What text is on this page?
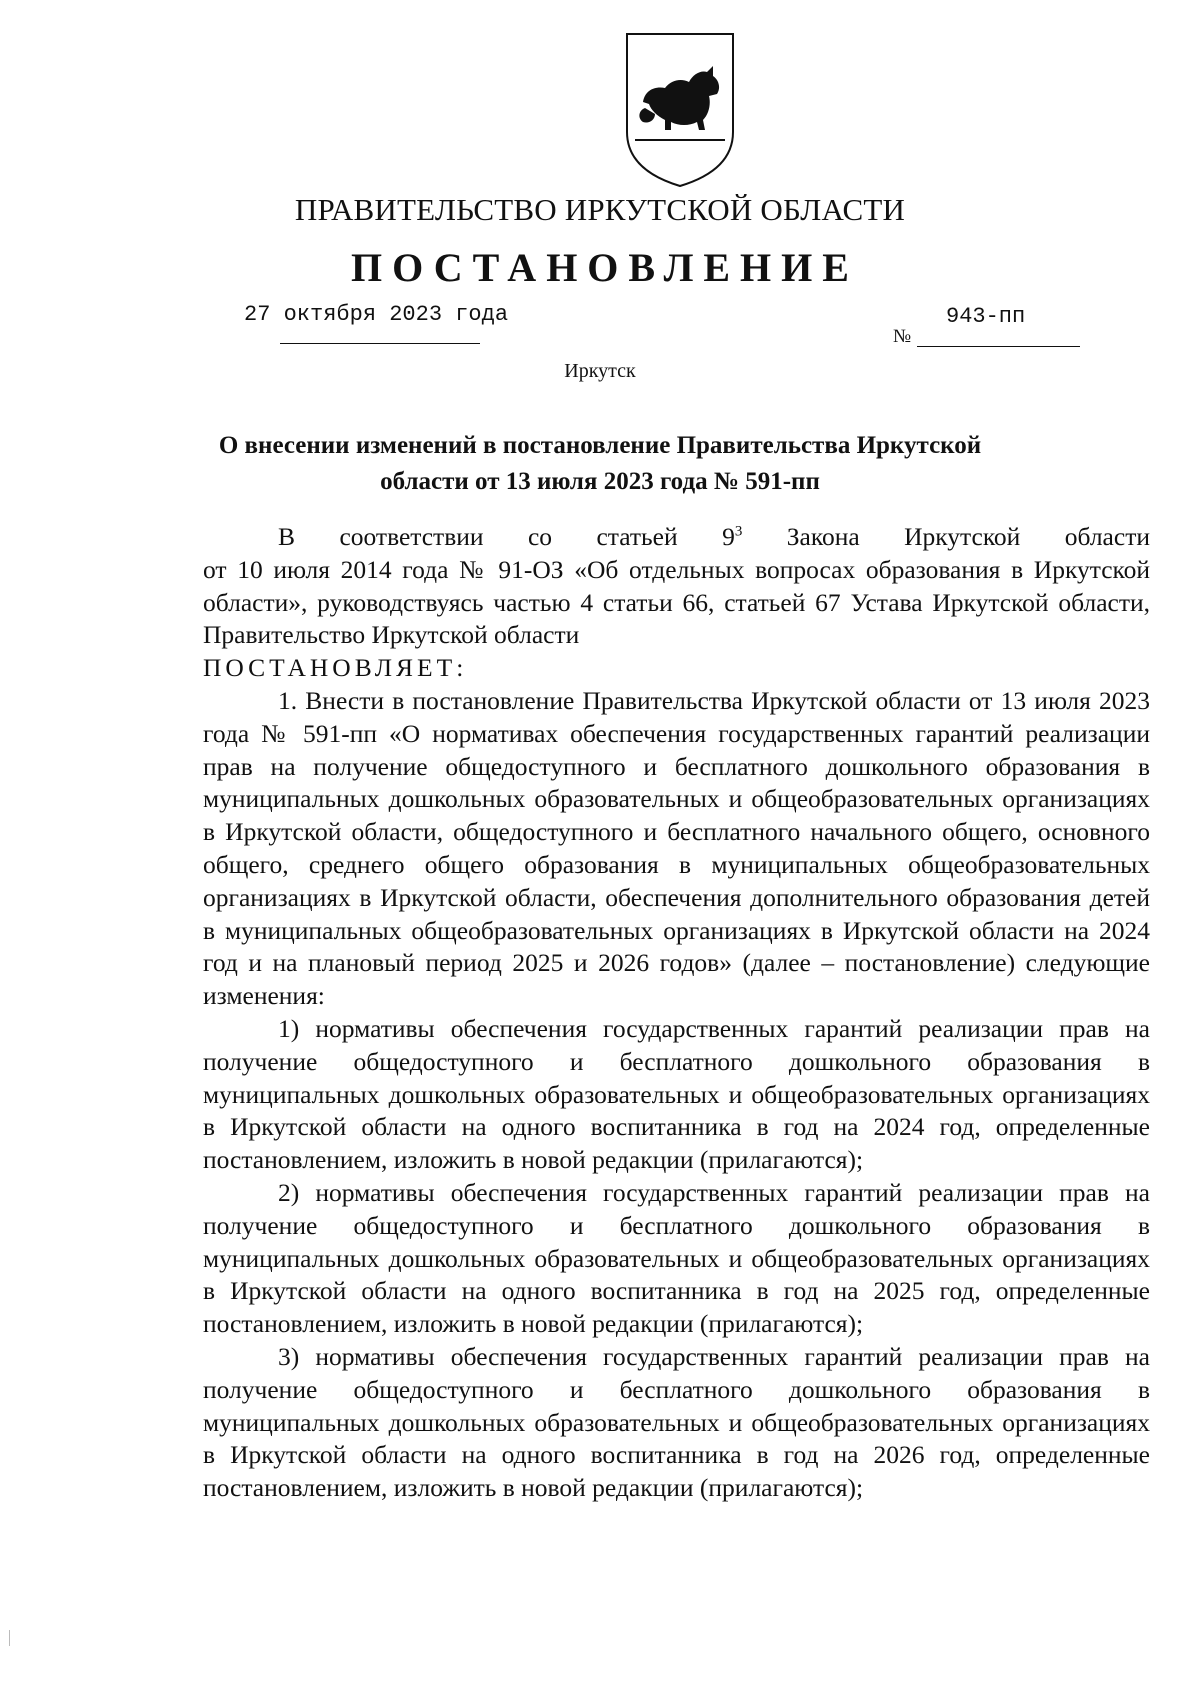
ПРАВИТЕЛЬСТВО ИРКУТСКОЙ ОБЛАСТИ
ПОСТАНОВЛЕНИЕ
27 октября 2023 года
№
943-пп
Иркутск
О внесении изменений в постановление Правительства Иркутской
области от 13 июля 2023 года № 591-пп

В соответствии со статьей $9^3$ Закона Иркутской области

от 10 июля 2014 года № 91-ОЗ «Об отдельных вопросах образования в Иркутской области», руководствуясь частью 4 статьи 66, статьей 67 Устава Иркутской области, Правительство Иркутской области

ПОСТАНОВЛЯЕТ:

1. Внести в постановление Правительства Иркутской области от 13 июля 2023 года № 591-пп «О нормативах обеспечения государственных гарантий реализации прав на получение общедоступного и бесплатного дошкольного образования в муниципальных дошкольных образовательных и общеобразовательных организациях в Иркутской области, общедоступного и бесплатного начального общего, основного общего, среднего общего образования в муниципальных общеобразовательных организациях в Иркутской области, обеспечения дополнительного образования детей в муниципальных общеобразовательных организациях в Иркутской области на 2024 год и на плановый период 2025 и 2026 годов» (далее – постановление) следующие изменения:

1) нормативы обеспечения государственных гарантий реализации прав на получение общедоступного и бесплатного дошкольного образования в муниципальных дошкольных образовательных и общеобразовательных организациях в Иркутской области на одного воспитанника в год на 2024 год, определенные постановлением, изложить в новой редакции (прилагаются);

2) нормативы обеспечения государственных гарантий реализации прав на получение общедоступного и бесплатного дошкольного образования в муниципальных дошкольных образовательных и общеобразовательных организациях в Иркутской области на одного воспитанника в год на 2025 год, определенные постановлением, изложить в новой редакции (прилагаются);

3) нормативы обеспечения государственных гарантий реализации прав на получение общедоступного и бесплатного дошкольного образования в муниципальных дошкольных образовательных и общеобразовательных организациях в Иркутской области на одного воспитанника в год на 2026 год, определенные постановлением, изложить в новой редакции (прилагаются);
